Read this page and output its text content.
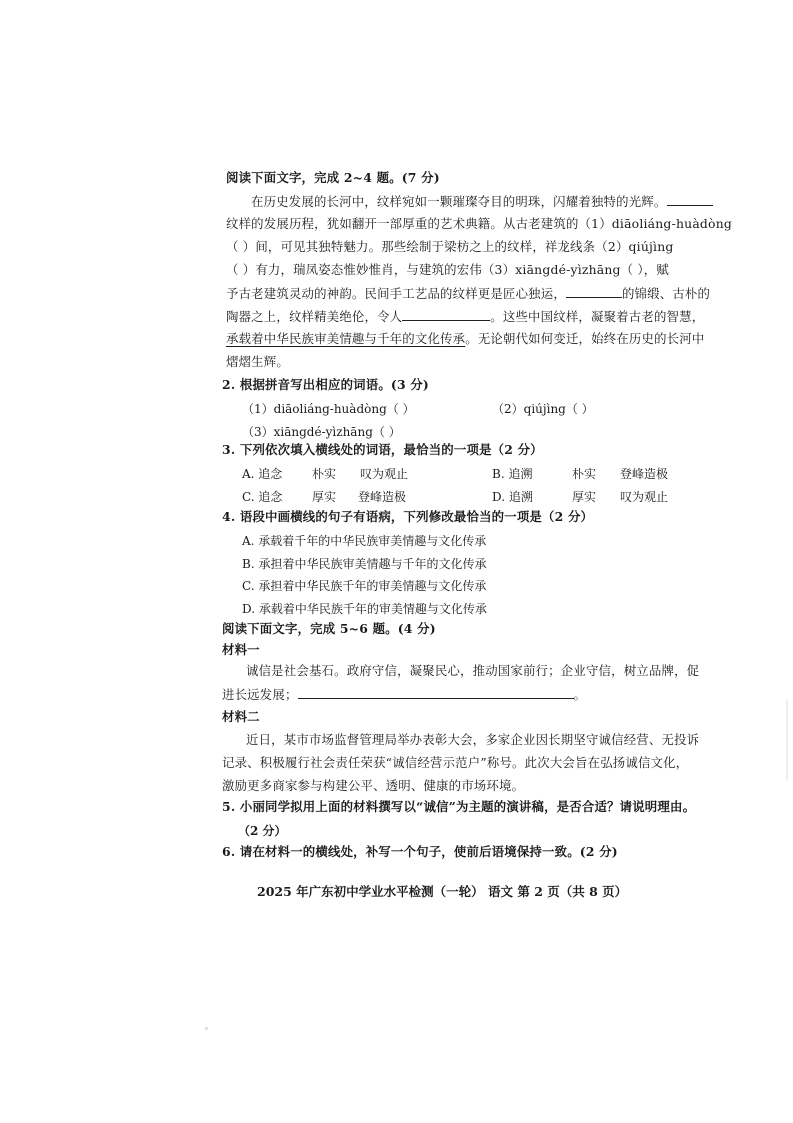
阅读下面文字，完成 2~4 题。(7 分)
在历史发展的长河中，纹样宛如一颗璀璨夺目的明珠，闪耀着独特的光辉。
纹样的发展历程，犹如翻开一部厚重的艺术典籍。从古老建筑的（1）diāoliáng-huàdòng
（ ）间，可见其独特魅力。那些绘制于梁枋之上的纹样，祥龙线条（2）qiújìng
（ ）有力，瑞凤姿态惟妙惟肖，与建筑的宏伟（3）xiāngdé-yìzhāng（ ），赋
予古老建筑灵动的神韵。民间手工艺品的纹样更是匠心独运，	的锦缎、古朴的
陶器之上，纹样精美绝伦，令人	。这些中国纹样，凝聚着古老的智慧，
承载着中华民族审美情趣与千年的文化传承。无论朝代如何变迁，始终在历史的长河中
熠熠生辉。
2. 根据拼音写出相应的词语。(3 分)
（1）diāoliáng-huàdòng（ ）	（2）qiújìng（ ）
（3）xiāngdé-yìzhāng（ ）
3. 下列依次填入横线处的词语，最恰当的一项是（2 分）
A. 追念 朴实 叹为观止	B. 追溯	朴实 登峰造极
C. 追念 厚实 登峰造极	D. 追溯	厚实 叹为观止
4. 语段中画横线的句子有语病，下列修改最恰当的一项是（2 分）
A. 承载着千年的中华民族审美情趣与文化传承
B. 承担着中华民族审美情趣与千年的文化传承
C. 承担着中华民族千年的审美情趣与文化传承
D. 承载着中华民族千年的审美情趣与文化传承
阅读下面文字，完成 5~6 题。(4 分)
材料一
诚信是社会基石。政府守信，凝聚民心，推动国家前行；企业守信，树立品牌，促
进长远发展；	。
材料二
近日，某市市场监督管理局举办表彰大会，多家企业因长期坚守诚信经营、无投诉
记录、积极履行社会责任荣获“诚信经营示范户”称号。此次大会旨在弘扬诚信文化，
激励更多商家参与构建公平、透明、健康的市场环境。
5. 小丽同学拟用上面的材料撰写以“诚信”为主题的演讲稿，是否合适？请说明理由。
（2 分）
6. 请在材料一的横线处，补写一个句子，使前后语境保持一致。(2 分)
2025 年广东初中学业水平检测（一轮） 语文 第 2 页（共 8 页）
